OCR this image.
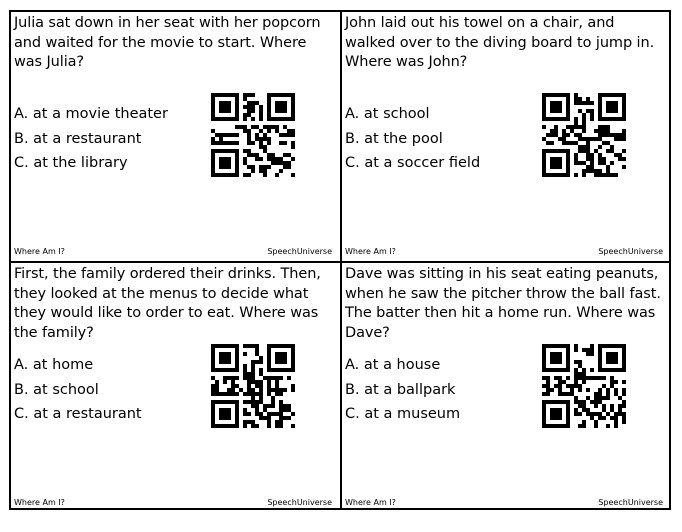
Julia sat down in her seat with her popcorn and waited for the movie to start. Where was Julia?
A. at a movie theater
B. at a restaurant
C. at the library
Where Am I?	SpeechUniverse
John laid out his towel on a chair, and walked over to the diving board to jump in. Where was John?
A. at school
B. at the pool
C. at a soccer field
Where Am I?	SpeechUniverse
First, the family ordered their drinks. Then, they looked at the menus to decide what they would like to order to eat. Where was the family?
A. at home
B. at school
C. at a restaurant
Where Am I?	SpeechUniverse
Dave was sitting in his seat eating peanuts, when he saw the pitcher throw the ball fast. The batter then hit a home run. Where was Dave?
A. at a house
B. at a ballpark
C. at a museum
Where Am I?	SpeechUniverse
